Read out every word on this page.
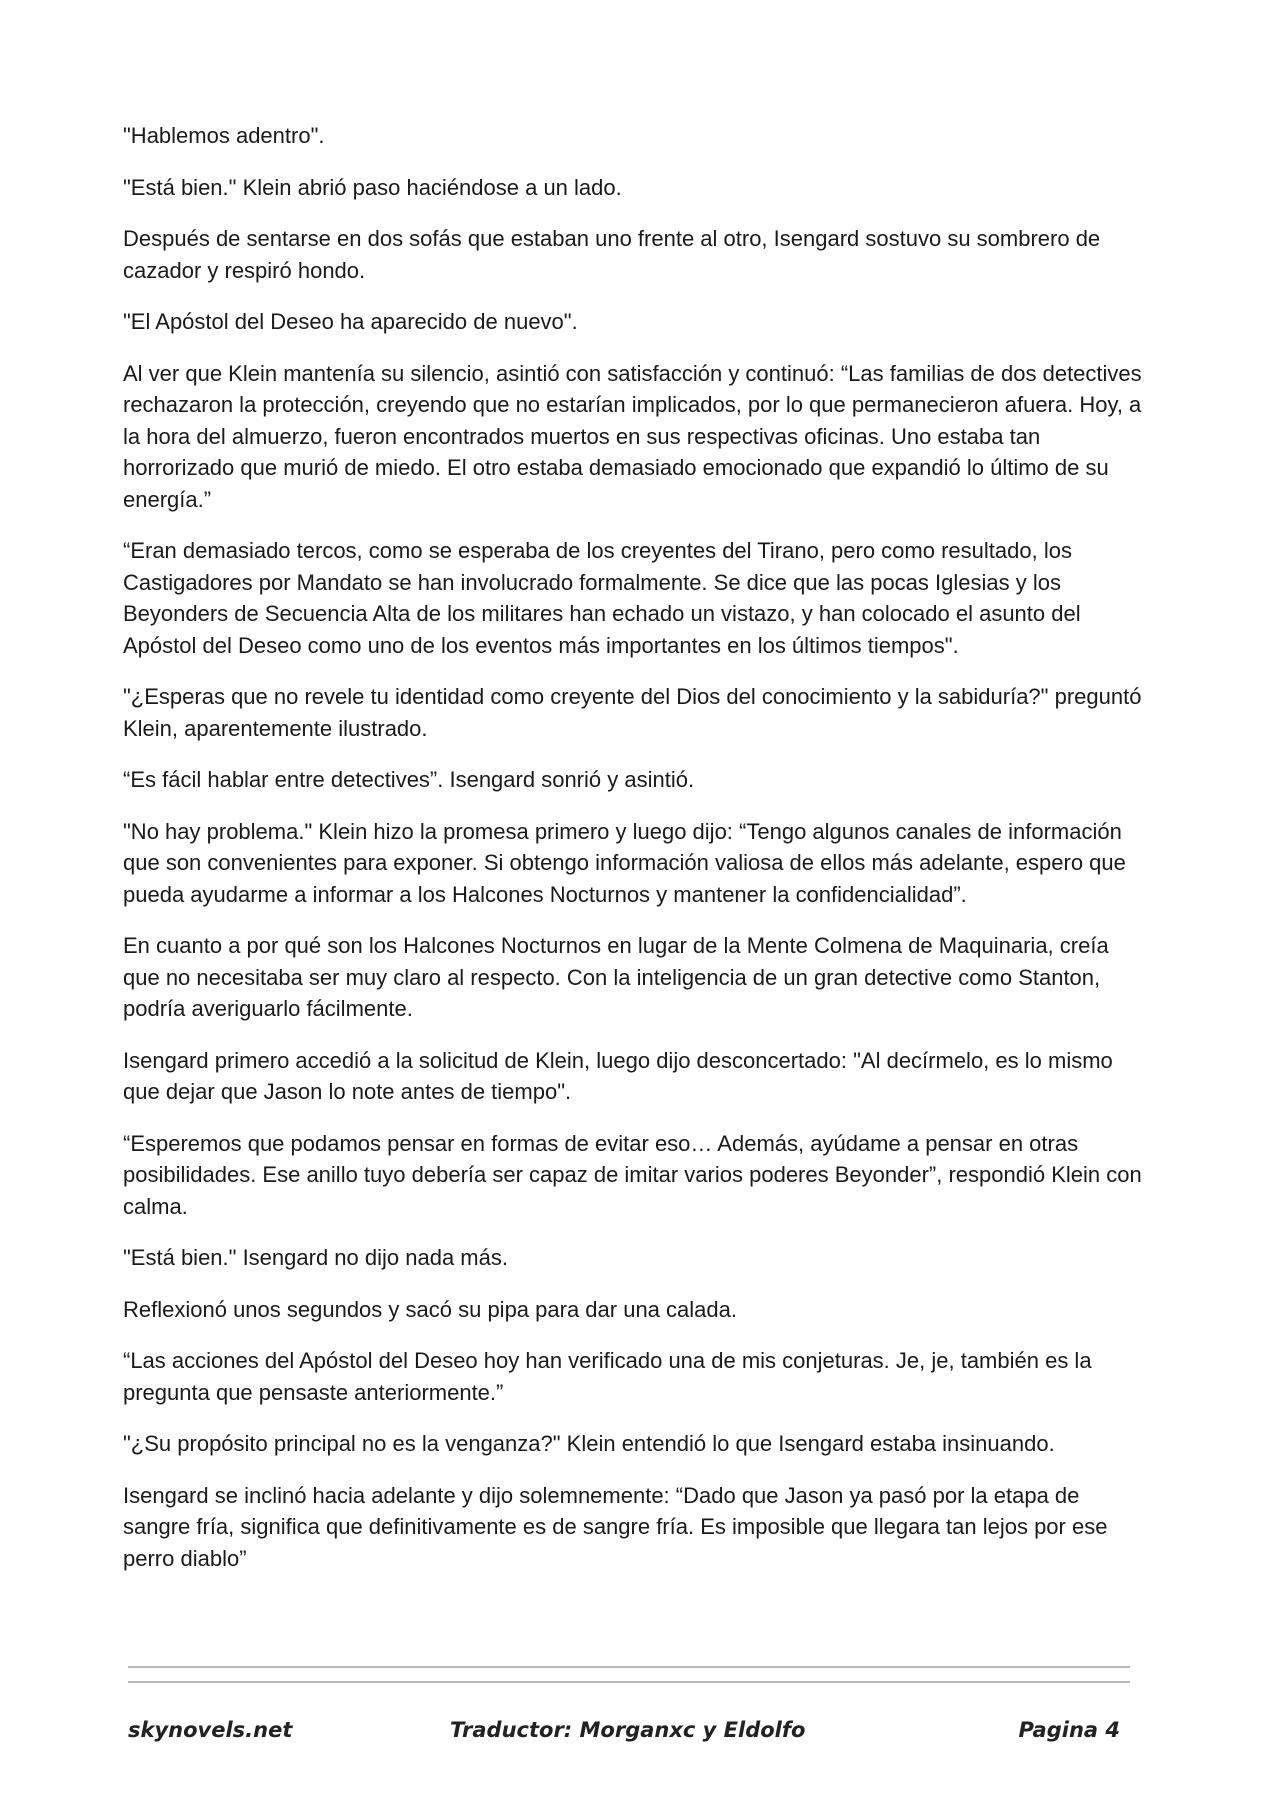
"Hablemos adentro".

"Está bien." Klein abrió paso haciéndose a un lado.

Después de sentarse en dos sofás que estaban uno frente al otro, Isengard sostuvo su sombrero de cazador y respiró hondo.

"El Apóstol del Deseo ha aparecido de nuevo".

Al ver que Klein mantenía su silencio, asintió con satisfacción y continuó: “Las familias de dos detectives rechazaron la protección, creyendo que no estarían implicados, por lo que permanecieron afuera. Hoy, a la hora del almuerzo, fueron encontrados muertos en sus respectivas oficinas. Uno estaba tan horrorizado que murió de miedo. El otro estaba demasiado emocionado que expandió lo último de su energía.”

“Eran demasiado tercos, como se esperaba de los creyentes del Tirano, pero como resultado, los Castigadores por Mandato se han involucrado formalmente. Se dice que las pocas Iglesias y los Beyonders de Secuencia Alta de los militares han echado un vistazo, y han colocado el asunto del Apóstol del Deseo como uno de los eventos más importantes en los últimos tiempos".

"¿Esperas que no revele tu identidad como creyente del Dios del conocimiento y la sabiduría?" preguntó Klein, aparentemente ilustrado.

“Es fácil hablar entre detectives”. Isengard sonrió y asintió.

"No hay problema." Klein hizo la promesa primero y luego dijo: “Tengo algunos canales de información que son convenientes para exponer. Si obtengo información valiosa de ellos más adelante, espero que pueda ayudarme a informar a los Halcones Nocturnos y mantener la confidencialidad”.

En cuanto a por qué son los Halcones Nocturnos en lugar de la Mente Colmena de Maquinaria, creía que no necesitaba ser muy claro al respecto. Con la inteligencia de un gran detective como Stanton, podría averiguarlo fácilmente.

Isengard primero accedió a la solicitud de Klein, luego dijo desconcertado: "Al decírmelo, es lo mismo que dejar que Jason lo note antes de tiempo".

“Esperemos que podamos pensar en formas de evitar eso… Además, ayúdame a pensar en otras posibilidades. Ese anillo tuyo debería ser capaz de imitar varios poderes Beyonder”, respondió Klein con calma.

"Está bien." Isengard no dijo nada más.

Reflexionó unos segundos y sacó su pipa para dar una calada.

“Las acciones del Apóstol del Deseo hoy han verificado una de mis conjeturas. Je, je, también es la pregunta que pensaste anteriormente.”

"¿Su propósito principal no es la venganza?" Klein entendió lo que Isengard estaba insinuando.

Isengard se inclinó hacia adelante y dijo solemnemente: “Dado que Jason ya pasó por la etapa de sangre fría, significa que definitivamente es de sangre fría. Es imposible que llegara tan lejos por ese perro diablo”

skynovels.net	Traductor: Morganxc y Eldolfo	Pagina 4
